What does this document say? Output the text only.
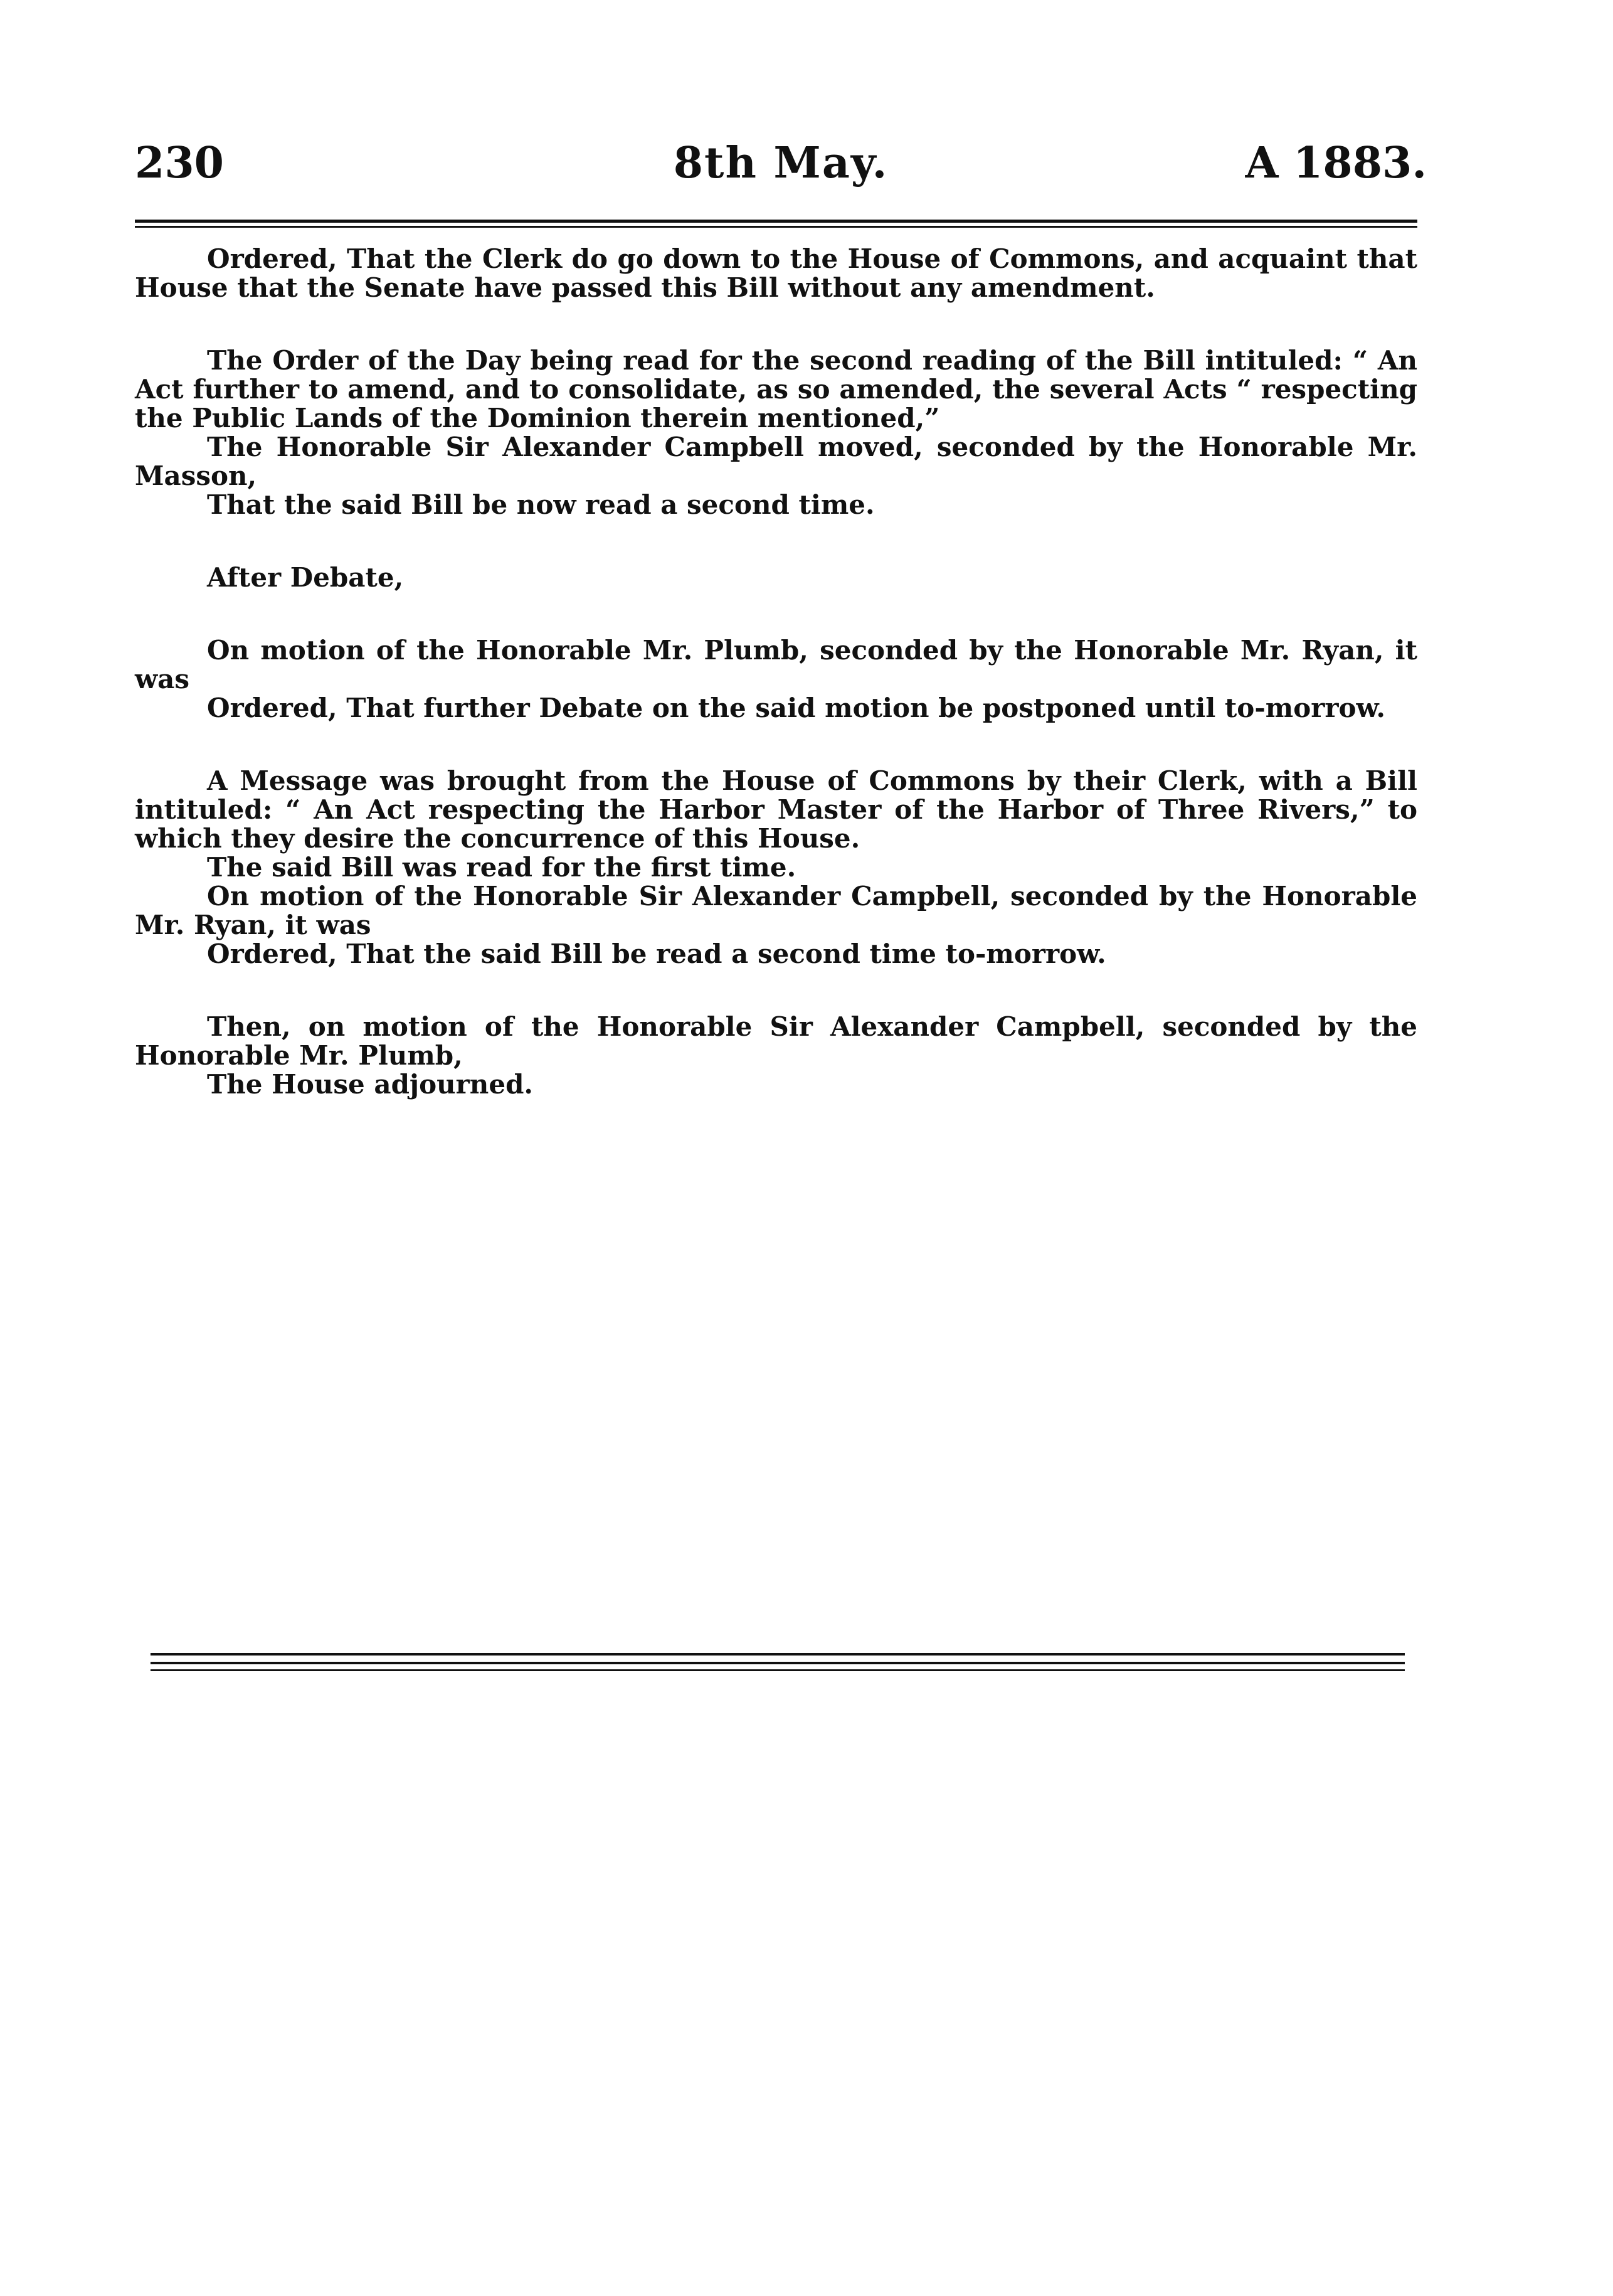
230	8th May.	A 1883.

Ordered, That the Clerk do go down to the House of Commons, and acquaint that House that the Senate have passed this Bill without any amendment.

The Order of the Day being read for the second reading of the Bill intituled: “ An Act further to amend, and to consolidate, as so amended, the several Acts “ respecting the Public Lands of the Dominion therein mentioned,”

The Honorable Sir Alexander Campbell moved, seconded by the Honorable Mr. Masson,

That the said Bill be now read a second time.

After Debate,

On motion of the Honorable Mr. Plumb, seconded by the Honorable Mr. Ryan, it was

Ordered, That further Debate on the said motion be postponed until to-morrow.

A Message was brought from the House of Commons by their Clerk, with a Bill intituled: “ An Act respecting the Harbor Master of the Harbor of Three Rivers,” to which they desire the concurrence of this House.

The said Bill was read for the first time.

On motion of the Honorable Sir Alexander Campbell, seconded by the Honorable Mr. Ryan, it was

Ordered, That the said Bill be read a second time to-morrow.

Then, on motion of the Honorable Sir Alexander Campbell, seconded by the Honorable Mr. Plumb,

The House adjourned.
